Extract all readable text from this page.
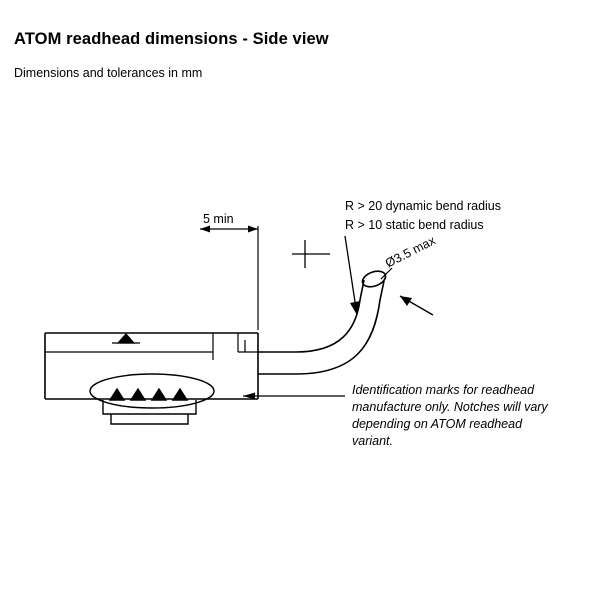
ATOM readhead dimensions - Side view
Dimensions and tolerances in mm
R > 20 dynamic bend radius
R > 10 static bend radius
5 min
Ø3.5 max
Identification marks for readhead manufacture only. Notches will vary depending on ATOM readhead variant.
